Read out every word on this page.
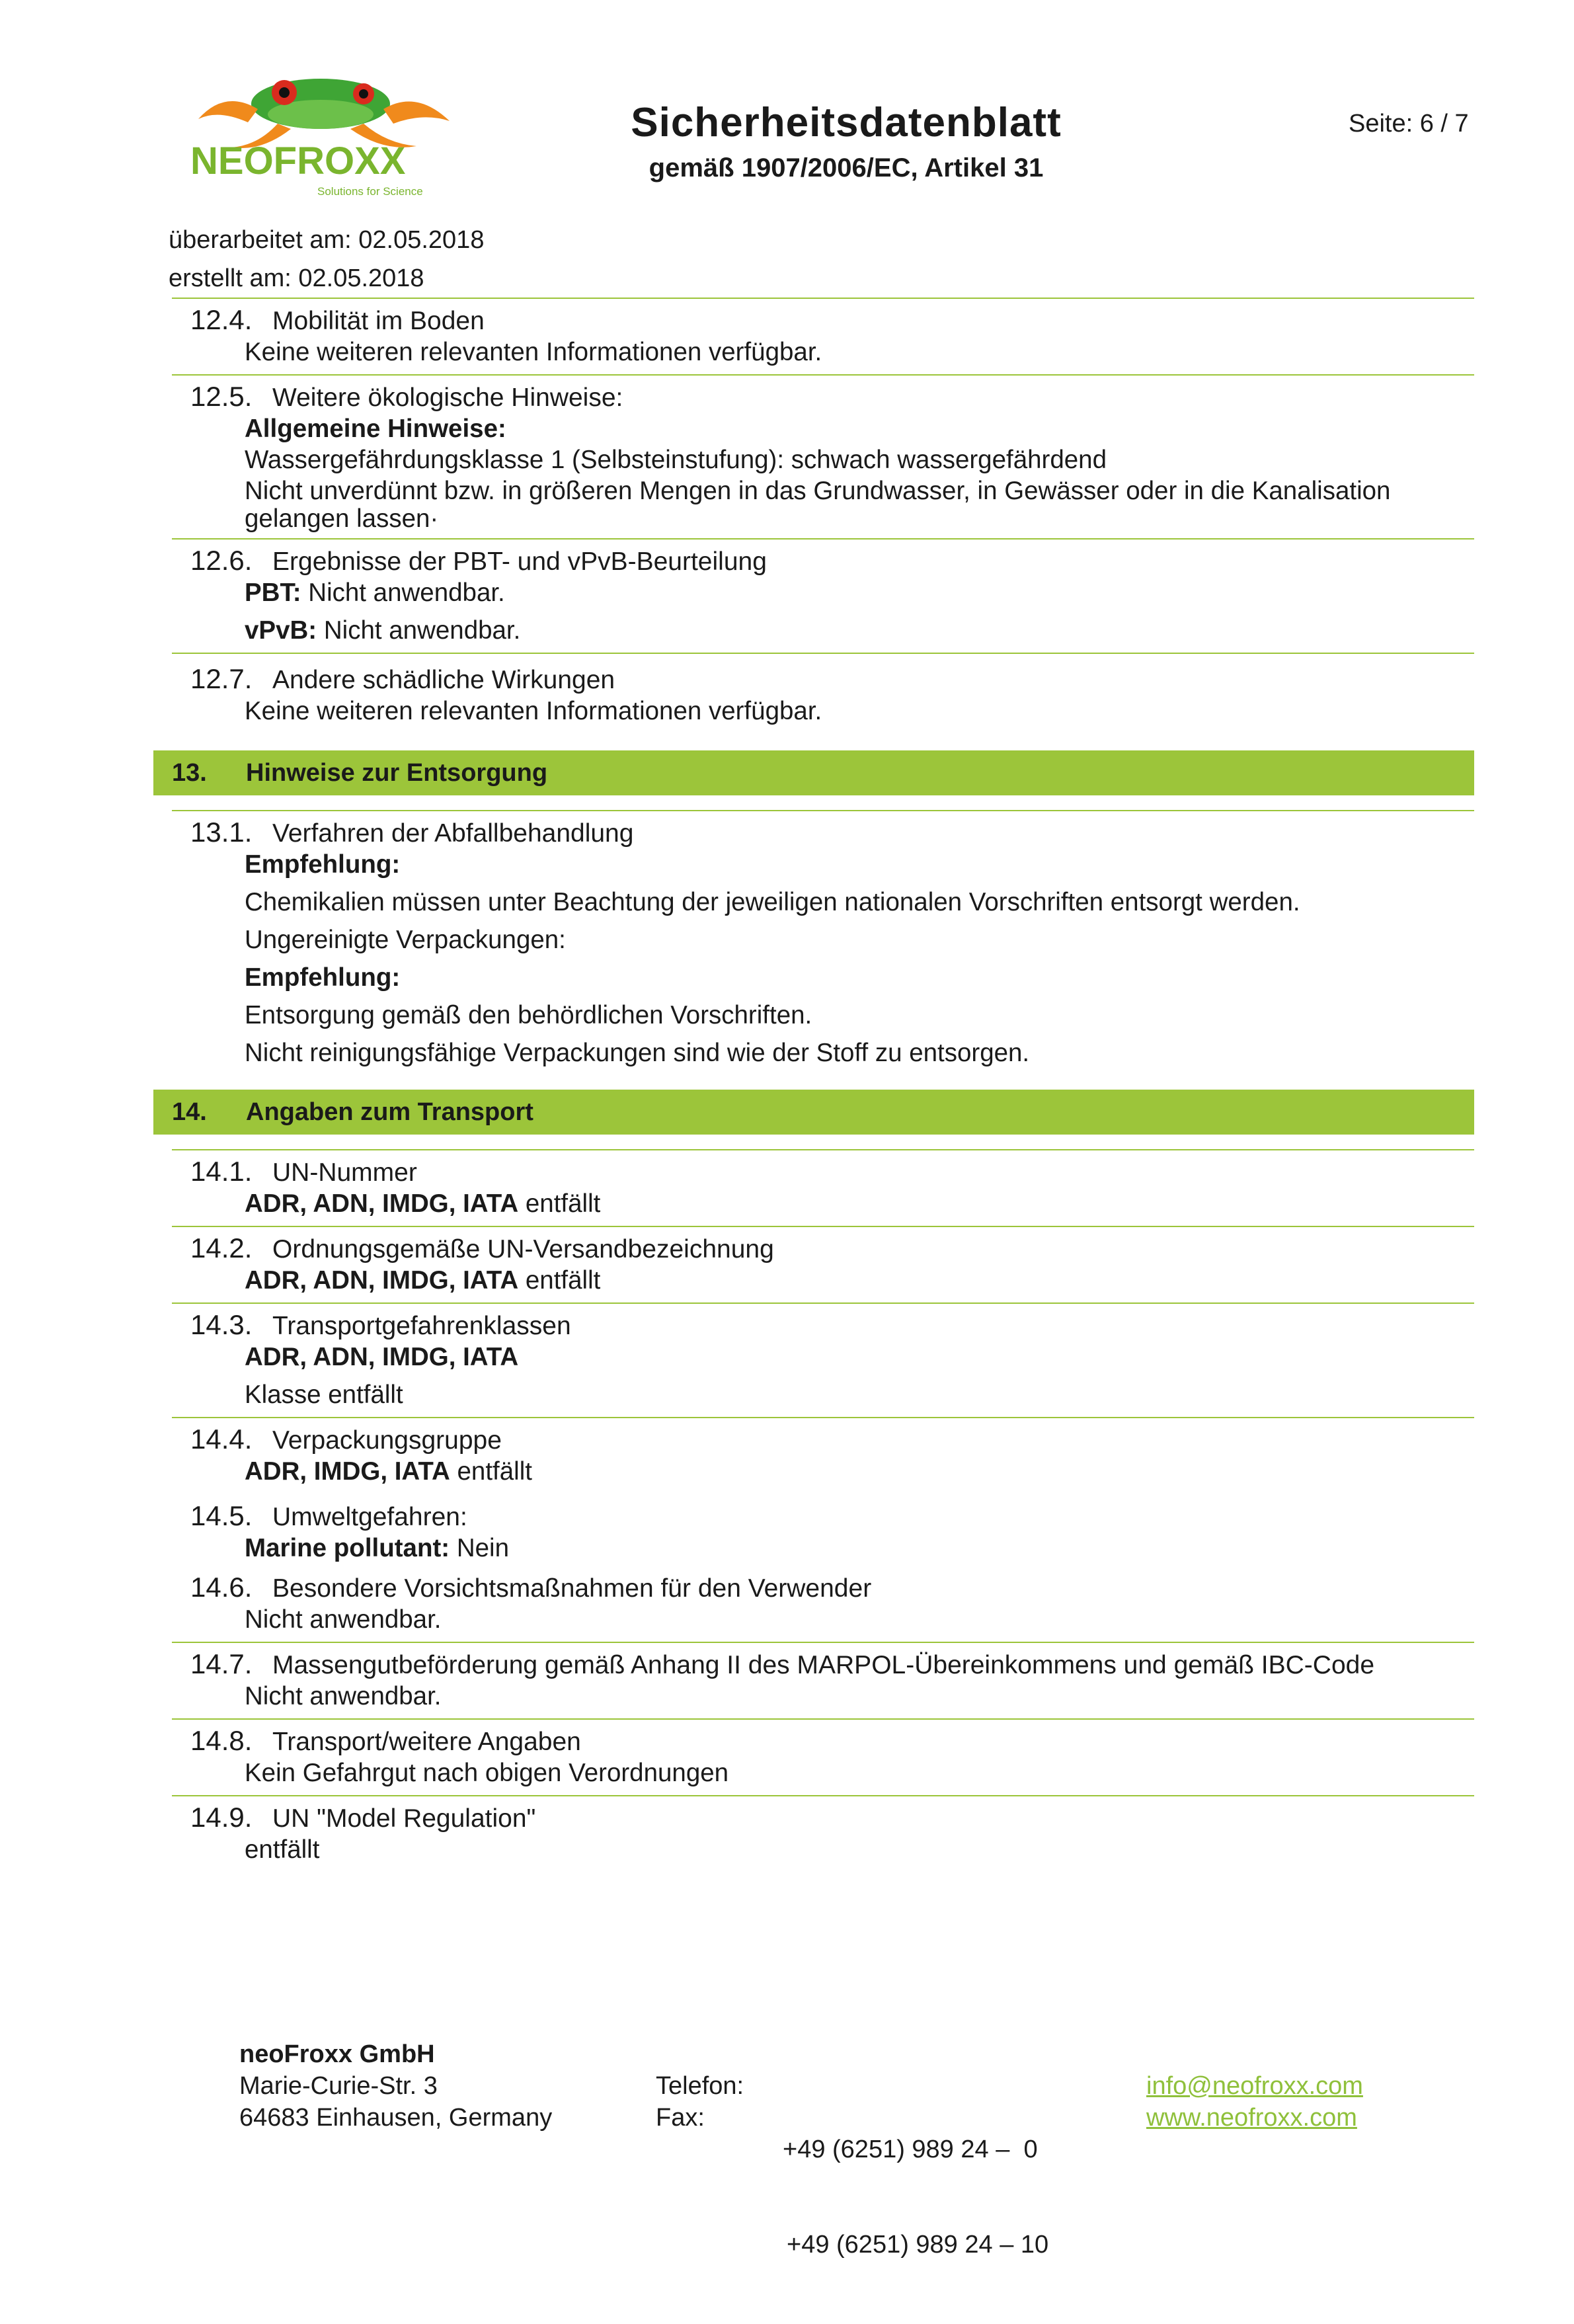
NEOFROXX
Solutions for Science
Sicherheitsdatenblatt
gemäß 1907/2006/EC, Artikel 31
Seite: 6 / 7
überarbeitet am: 02.05.2018
erstellt am: 02.05.2018
12.4. Mobilität im Boden
Keine weiteren relevanten Informationen verfügbar.
12.5. Weitere ökologische Hinweise:
Allgemeine Hinweise:
Wassergefährdungsklasse 1 (Selbsteinstufung): schwach wassergefährdend
Nicht unverdünnt bzw. in größeren Mengen in das Grundwasser, in Gewässer oder in die Kanalisation
gelangen lassen·
12.6. Ergebnisse der PBT- und vPvB-Beurteilung
PBT: Nicht anwendbar.
vPvB: Nicht anwendbar.
12.7. Andere schädliche Wirkungen
Keine weiteren relevanten Informationen verfügbar.
13.	Hinweise zur Entsorgung
13.1. Verfahren der Abfallbehandlung
Empfehlung:
Chemikalien müssen unter Beachtung der jeweiligen nationalen Vorschriften entsorgt werden.
Ungereinigte Verpackungen:
Empfehlung:
Entsorgung gemäß den behördlichen Vorschriften.
Nicht reinigungsfähige Verpackungen sind wie der Stoff zu entsorgen.
14.	Angaben zum Transport
14.1. UN-Nummer
ADR, ADN, IMDG, IATA entfällt
14.2. Ordnungsgemäße UN-Versandbezeichnung
ADR, ADN, IMDG, IATA entfällt
14.3. Transportgefahrenklassen
ADR, ADN, IMDG, IATA
Klasse entfällt
14.4. Verpackungsgruppe
ADR, IMDG, IATA entfällt
14.5. Umweltgefahren:
Marine pollutant: Nein
14.6. Besondere Vorsichtsmaßnahmen für den Verwender
Nicht anwendbar.
14.7. Massengutbeförderung gemäß Anhang II des MARPOL-Übereinkommens und gemäß IBC-Code
Nicht anwendbar.
14.8. Transport/weitere Angaben
Kein Gefahrgut nach obigen Verordnungen
14.9. UN "Model Regulation"
entfällt
neoFroxx GmbH
Marie-Curie-Str. 3
64683 Einhausen, Germany
Telefon:
Fax:

+49 (6251) 989 24 –  0

+49 (6251) 989 24 – 10

info@neofroxx.com
www.neofroxx.com
